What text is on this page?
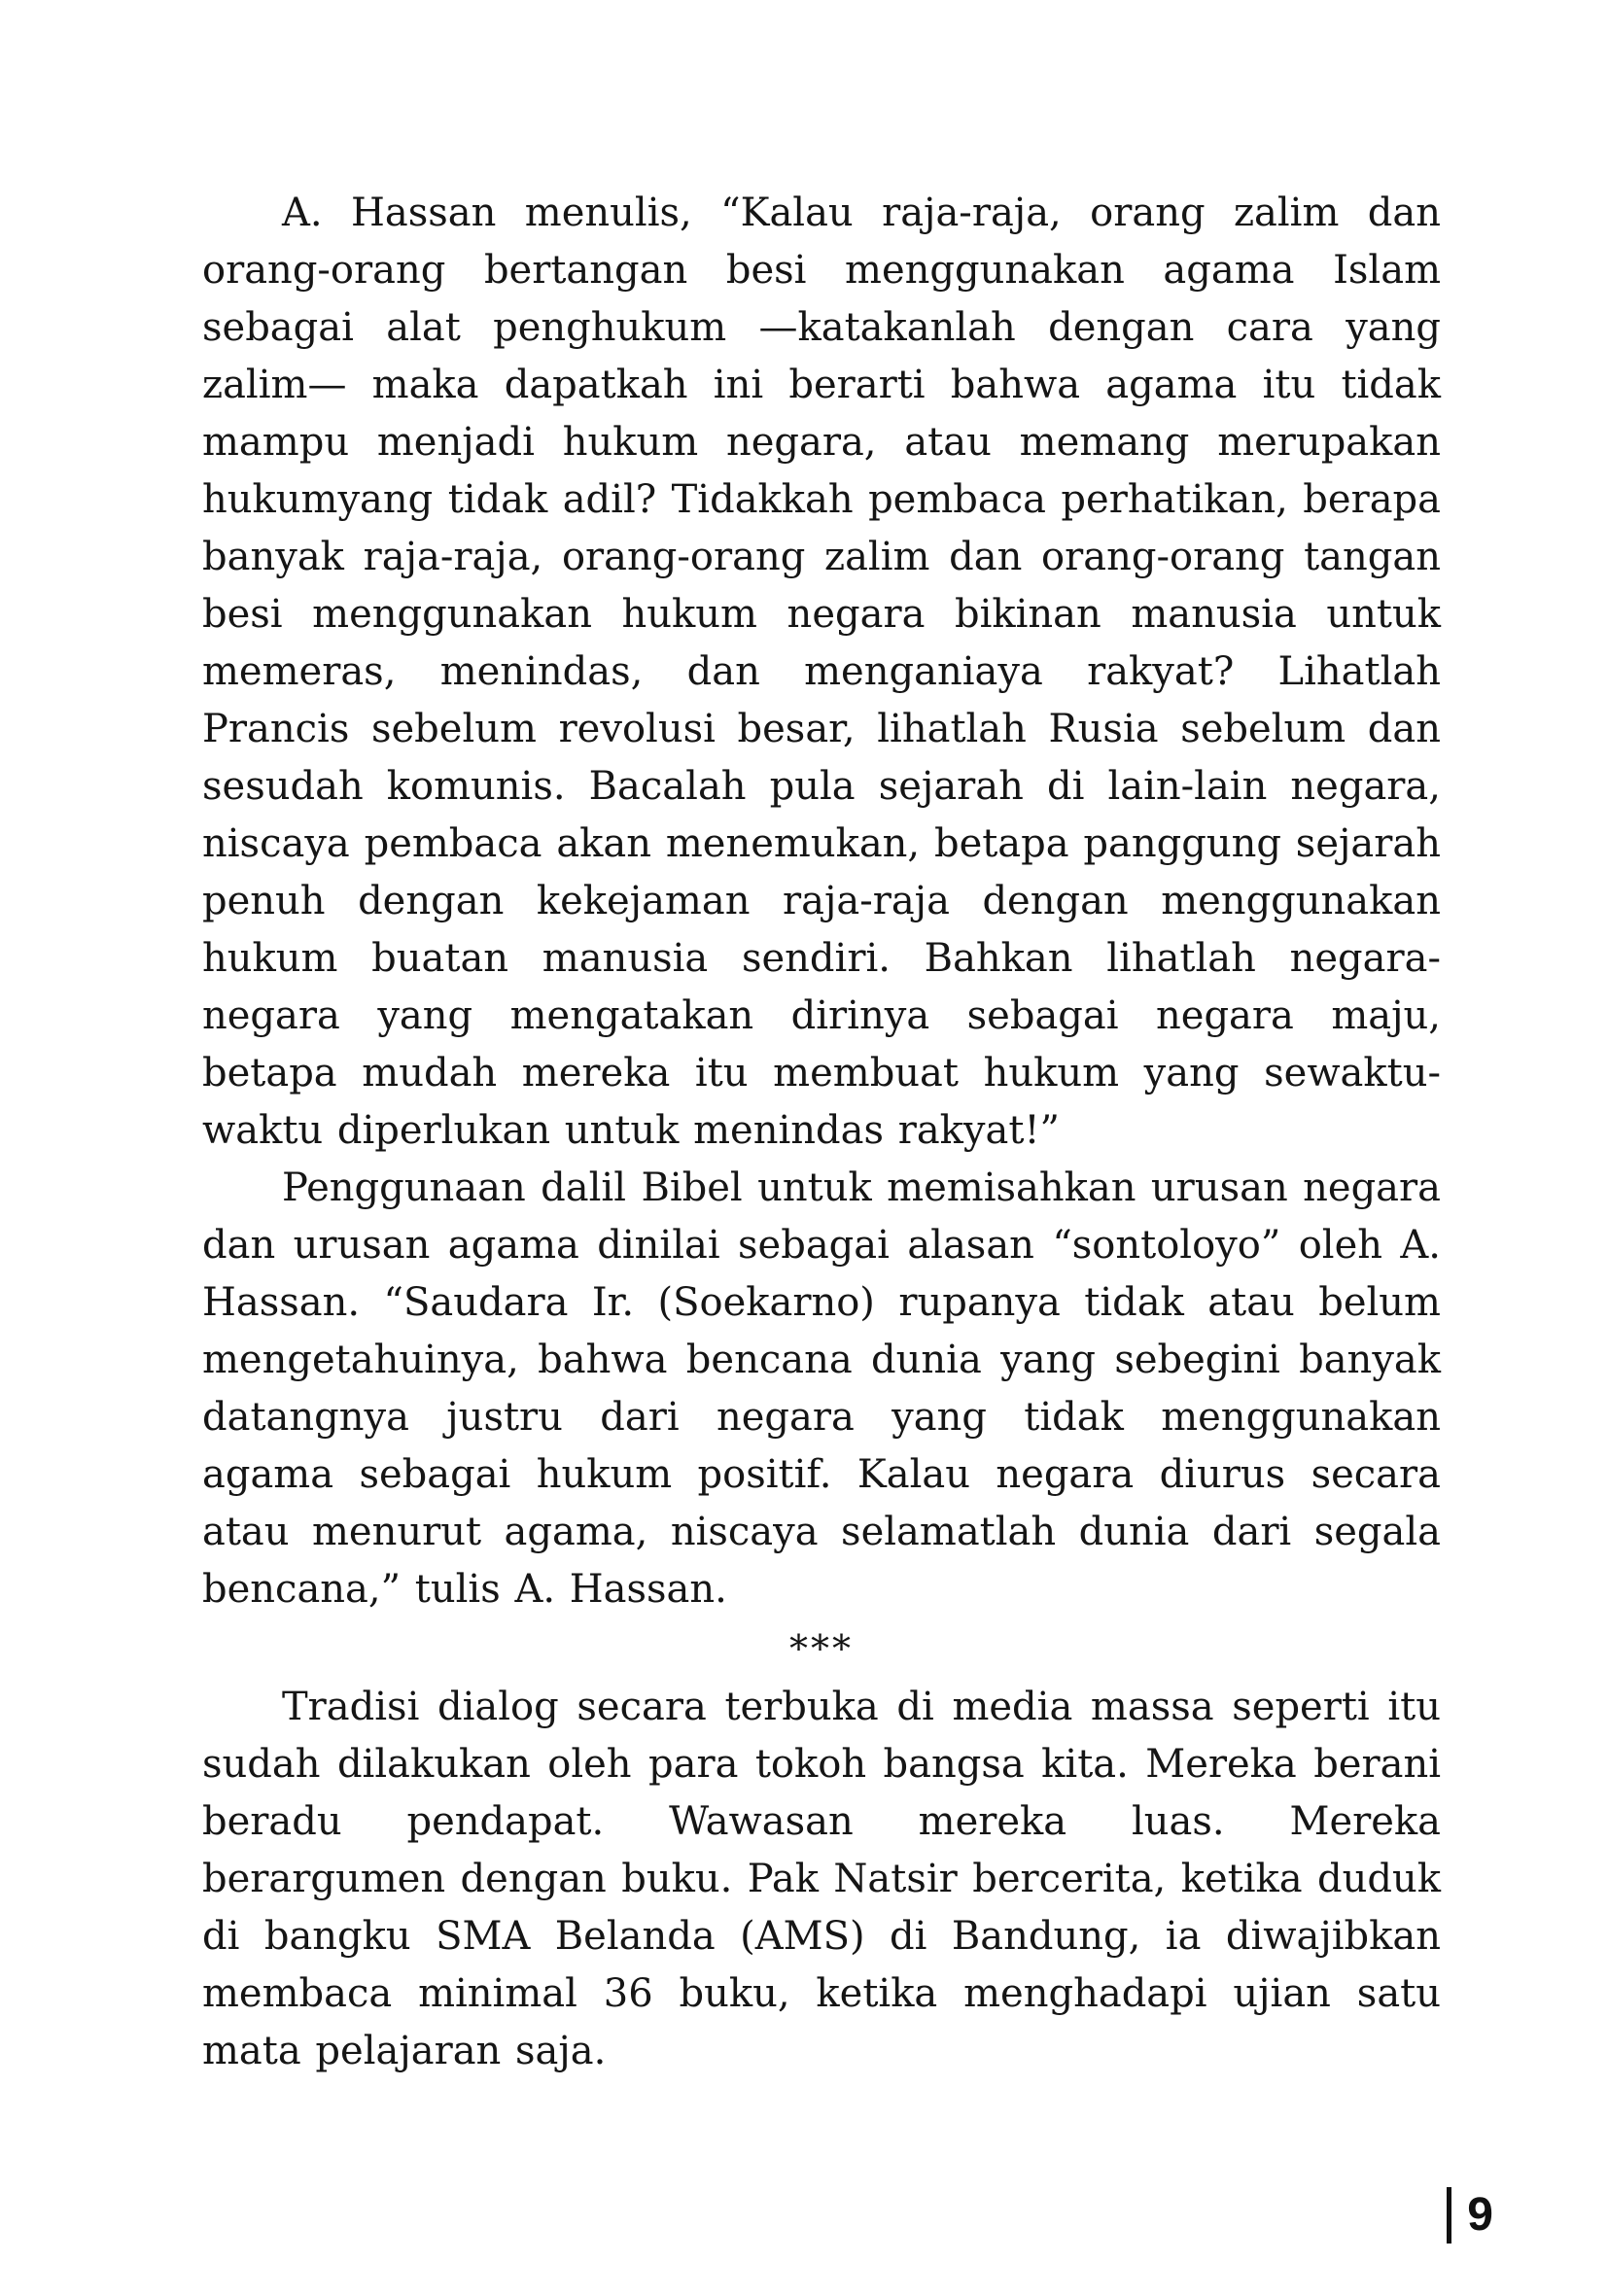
A. Hassan menulis, “Kalau raja-raja, orang zalim dan orang-orang bertangan besi menggunakan agama Islam sebagai alat penghukum —katakanlah dengan cara yang zalim— maka dapatkah ini berarti bahwa agama itu tidak mampu menjadi hukum negara, atau memang merupakan hukumyang tidak adil? Tidakkah pembaca perhatikan, berapa banyak raja-raja, orang-orang zalim dan orang-orang tangan besi menggunakan hukum negara bikinan manusia untuk memeras, menindas, dan menganiaya rakyat? Lihatlah Prancis sebelum revolusi besar, lihatlah Rusia sebelum dan sesudah komunis. Bacalah pula sejarah di lain-lain negara, niscaya pembaca akan menemukan, betapa panggung sejarah penuh dengan kekejaman raja-raja dengan menggunakan hukum buatan manusia sendiri. Bahkan lihatlah negara-negara yang mengatakan dirinya sebagai negara maju, betapa mudah mereka itu membuat hukum yang sewaktu-waktu diperlukan untuk menindas rakyat!”

Penggunaan dalil Bibel untuk memisahkan urusan negara dan urusan agama dinilai sebagai alasan “sontoloyo” oleh A. Hassan. “Saudara Ir. (Soekarno) rupanya tidak atau belum mengetahuinya, bahwa bencana dunia yang sebegini banyak datangnya justru dari negara yang tidak menggunakan agama sebagai hukum positif. Kalau negara diurus secara atau menurut agama, niscaya selamatlah dunia dari segala bencana,” tulis A. Hassan.

***

Tradisi dialog secara terbuka di media massa seperti itu sudah dilakukan oleh para tokoh bangsa kita. Mereka berani beradu pendapat. Wawasan mereka luas. Mereka berargumen dengan buku. Pak Natsir bercerita, ketika duduk di bangku SMA Belanda (AMS) di Bandung, ia diwajibkan membaca minimal 36 buku, ketika menghadapi ujian satu mata pelajaran saja.

9
